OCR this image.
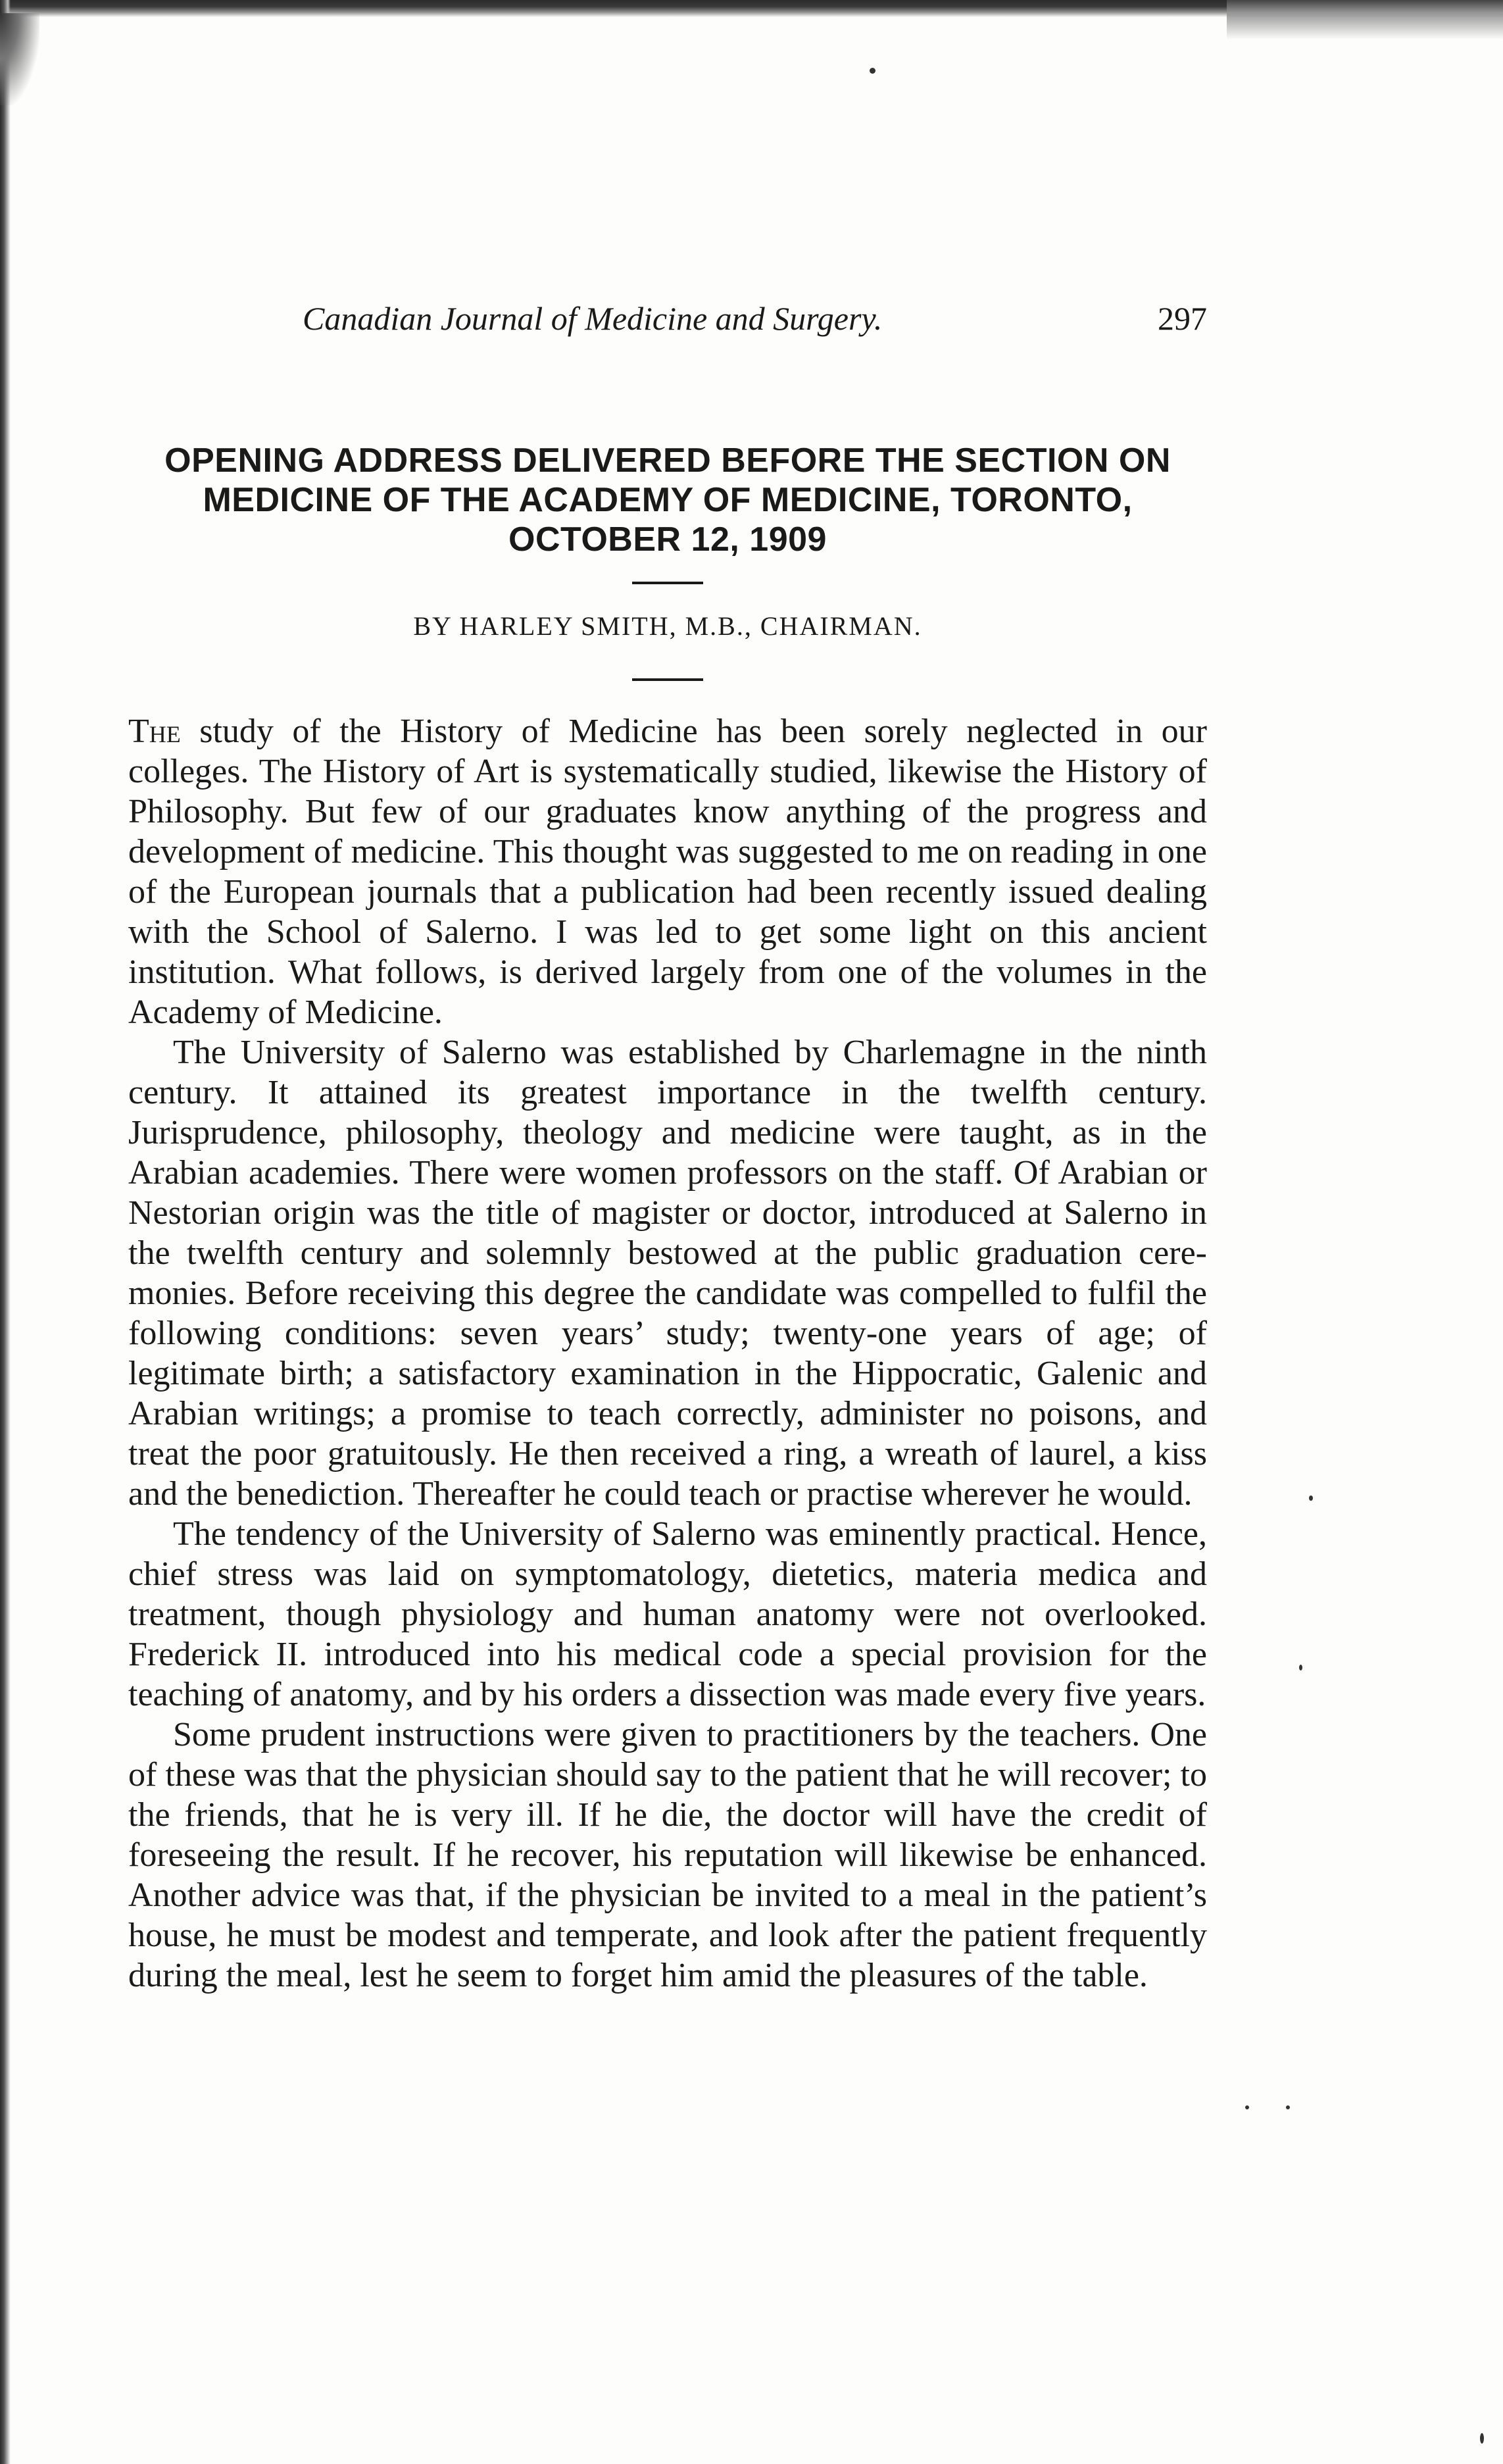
Canadian Journal of Medicine and Surgery.	297
OPENING ADDRESS DELIVERED BEFORE THE SECTION ON
MEDICINE OF THE ACADEMY OF MEDICINE, TORONTO,
OCTOBER 12, 1909
BY HARLEY SMITH, M.B., CHAIRMAN.

The study of the History of Medicine has been sorely neglected in our colleges. The History of Art is systematically studied, likewise the History of Philosophy. But few of our graduates know anything of the progress and development of medicine. This thought was suggested to me on reading in one of the European journals that a publication had been recently issued dealing with the School of Salerno. I was led to get some light on this ancient institution. What follows, is derived largely from one of the volumes in the Academy of Medicine.

The University of Salerno was established by Charlemagne in the ninth century. It attained its greatest importance in the twelfth century. Jurisprudence, philosophy, theology and medicine were taught, as in the Arabian academies. There were women professors on the staff. Of Arabian or Nestorian origin was the title of magister or doctor, introduced at Salerno in the twelfth century and solemnly bestowed at the public graduation ceremonies. Before receiving this degree the candidate was compelled to fulfil the following conditions: seven years’ study; twenty-one years of age; of legitimate birth; a satisfactory examination in the Hippocratic, Galenic and Arabian writings; a promise to teach correctly, administer no poisons, and treat the poor gratuitously. He then received a ring, a wreath of laurel, a kiss and the benediction. Thereafter he could teach or practise wherever he would.

The tendency of the University of Salerno was eminently practical. Hence, chief stress was laid on symptomatology, dietetics, materia medica and treatment, though physiology and human anatomy were not overlooked. Frederick II. introduced into his medical code a special provision for the teaching of anatomy, and by his orders a dissection was made every five years.

Some prudent instructions were given to practitioners by the teachers. One of these was that the physician should say to the patient that he will recover; to the friends, that he is very ill. If he die, the doctor will have the credit of foreseeing the result. If he recover, his reputation will likewise be enhanced. Another advice was that, if the physician be invited to a meal in the patient’s house, he must be modest and temperate, and look after the patient frequently during the meal, lest he seem to forget him amid the pleasures of the table.
